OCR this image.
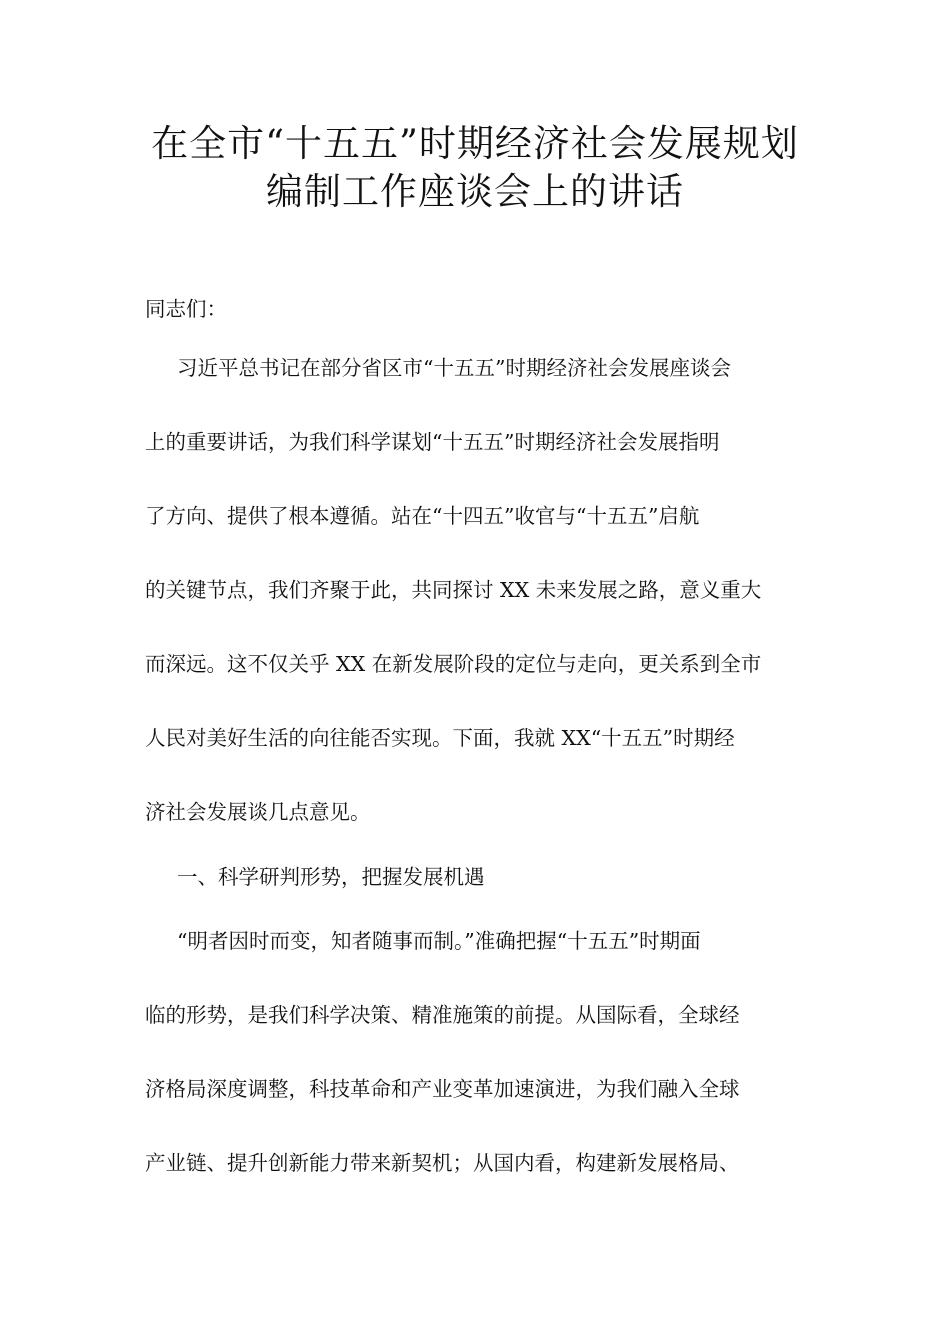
在全市“十五五”时期经济社会发展规划
编制工作座谈会上的讲话
同志们：
习近平总书记在部分省区市“十五五”时期经济社会发展座谈会
上的重要讲话，为我们科学谋划“十五五”时期经济社会发展指明
了方向、提供了根本遵循。站在“十四五”收官与“十五五”启航
的关键节点，我们齐聚于此，共同探讨 XX 未来发展之路，意义重大
而深远。这不仅关乎 XX 在新发展阶段的定位与走向，更关系到全市
人民对美好生活的向往能否实现。下面，我就 XX“十五五”时期经
济社会发展谈几点意见。
一、科学研判形势，把握发展机遇
“明者因时而变，知者随事而制。”准确把握“十五五”时期面
临的形势，是我们科学决策、精准施策的前提。从国际看，全球经
济格局深度调整，科技革命和产业变革加速演进，为我们融入全球
产业链、提升创新能力带来新契机；从国内看，构建新发展格局、
